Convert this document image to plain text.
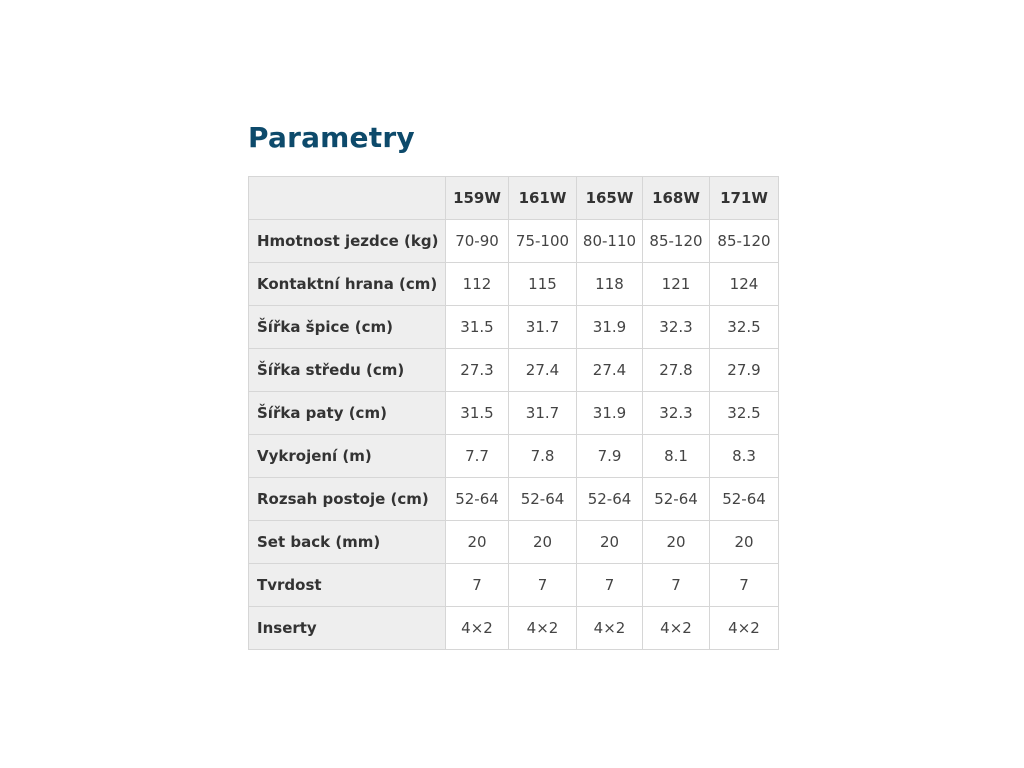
Parametry
	159W	161W	165W	168W	171W
Hmotnost jezdce (kg)	70-90	75-100	80-110	85-120	85-120
Kontaktní hrana (cm)	112	115	118	121	124
Šířka špice (cm)	31.5	31.7	31.9	32.3	32.5
Šířka středu (cm)	27.3	27.4	27.4	27.8	27.9
Šířka paty (cm)	31.5	31.7	31.9	32.3	32.5
Vykrojení (m)	7.7	7.8	7.9	8.1	8.3
Rozsah postoje (cm)	52-64	52-64	52-64	52-64	52-64
Set back (mm)	20	20	20	20	20
Tvrdost	7	7	7	7	7
Inserty	4×2	4×2	4×2	4×2	4×2
